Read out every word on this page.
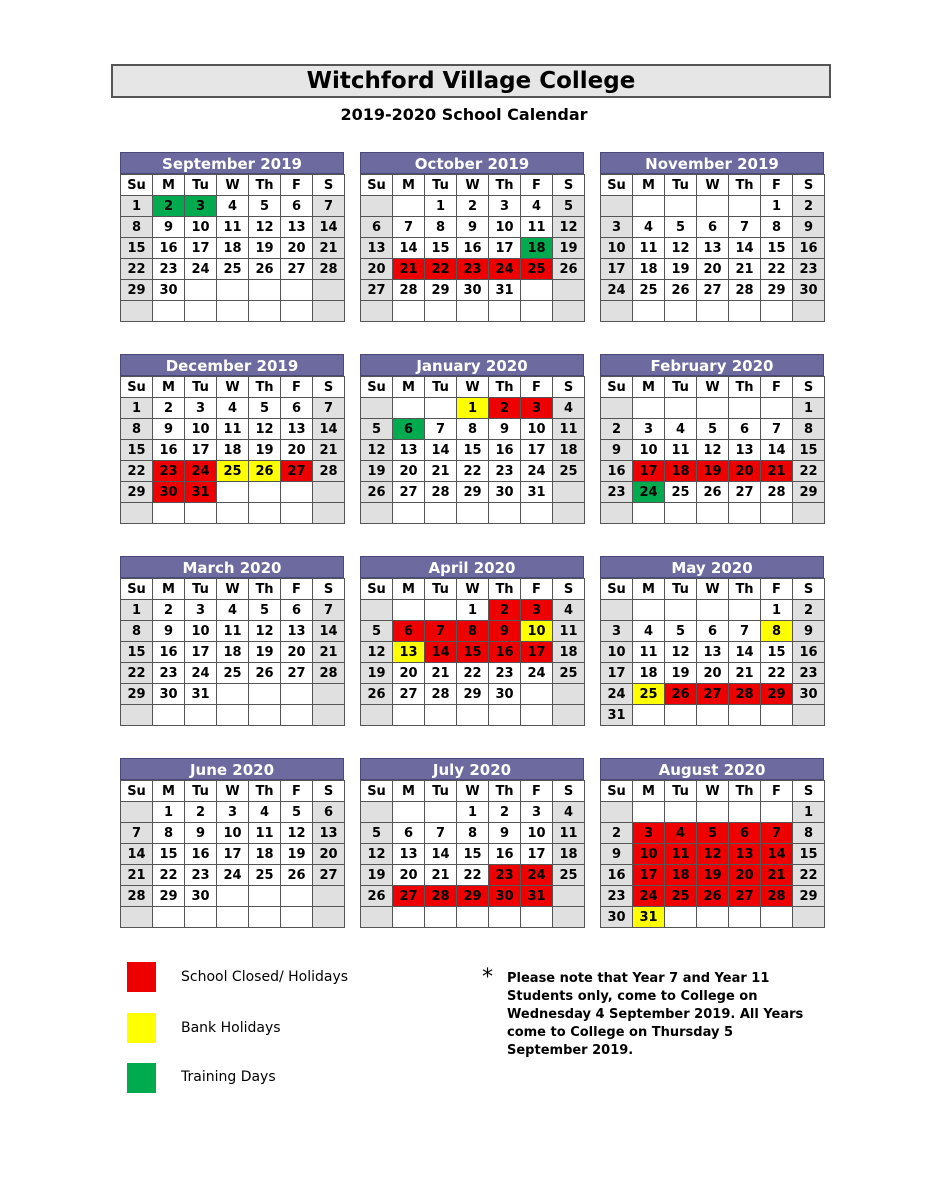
Witchford Village College
2019-2020 School Calendar
September 2019
Su	M	Tu	W	Th	F	S
1	2	3	4	5	6	7
8	9	10	11	12	13	14
15	16	17	18	19	20	21
22	23	24	25	26	27	28
29	30					

October 2019
Su	M	Tu	W	Th	F	S
		1	2	3	4	5
6	7	8	9	10	11	12
13	14	15	16	17	18	19
20	21	22	23	24	25	26
27	28	29	30	31		

November 2019
Su	M	Tu	W	Th	F	S
					1	2
3	4	5	6	7	8	9
10	11	12	13	14	15	16
17	18	19	20	21	22	23
24	25	26	27	28	29	30

December 2019
Su	M	Tu	W	Th	F	S
1	2	3	4	5	6	7
8	9	10	11	12	13	14
15	16	17	18	19	20	21
22	23	24	25	26	27	28
29	30	31				

January 2020
Su	M	Tu	W	Th	F	S
			1	2	3	4
5	6	7	8	9	10	11
12	13	14	15	16	17	18
19	20	21	22	23	24	25
26	27	28	29	30	31	

February 2020
Su	M	Tu	W	Th	F	S
						1
2	3	4	5	6	7	8
9	10	11	12	13	14	15
16	17	18	19	20	21	22
23	24	25	26	27	28	29

March 2020
Su	M	Tu	W	Th	F	S
1	2	3	4	5	6	7
8	9	10	11	12	13	14
15	16	17	18	19	20	21
22	23	24	25	26	27	28
29	30	31				

April 2020
Su	M	Tu	W	Th	F	S
			1	2	3	4
5	6	7	8	9	10	11
12	13	14	15	16	17	18
19	20	21	22	23	24	25
26	27	28	29	30		

May 2020
Su	M	Tu	W	Th	F	S
					1	2
3	4	5	6	7	8	9
10	11	12	13	14	15	16
17	18	19	20	21	22	23
24	25	26	27	28	29	30
31						
June 2020
Su	M	Tu	W	Th	F	S
	1	2	3	4	5	6
7	8	9	10	11	12	13
14	15	16	17	18	19	20
21	22	23	24	25	26	27
28	29	30				

July 2020
Su	M	Tu	W	Th	F	S
			1	2	3	4
5	6	7	8	9	10	11
12	13	14	15	16	17	18
19	20	21	22	23	24	25
26	27	28	29	30	31	

August 2020
Su	M	Tu	W	Th	F	S
						1
2	3	4	5	6	7	8
9	10	11	12	13	14	15
16	17	18	19	20	21	22
23	24	25	26	27	28	29
30	31					
School Closed/ Holidays
Bank Holidays
Training Days
* Please note that Year 7 and Year 11 Students only, come to College on Wednesday 4 September 2019. All Years come to College on Thursday 5 September 2019.
